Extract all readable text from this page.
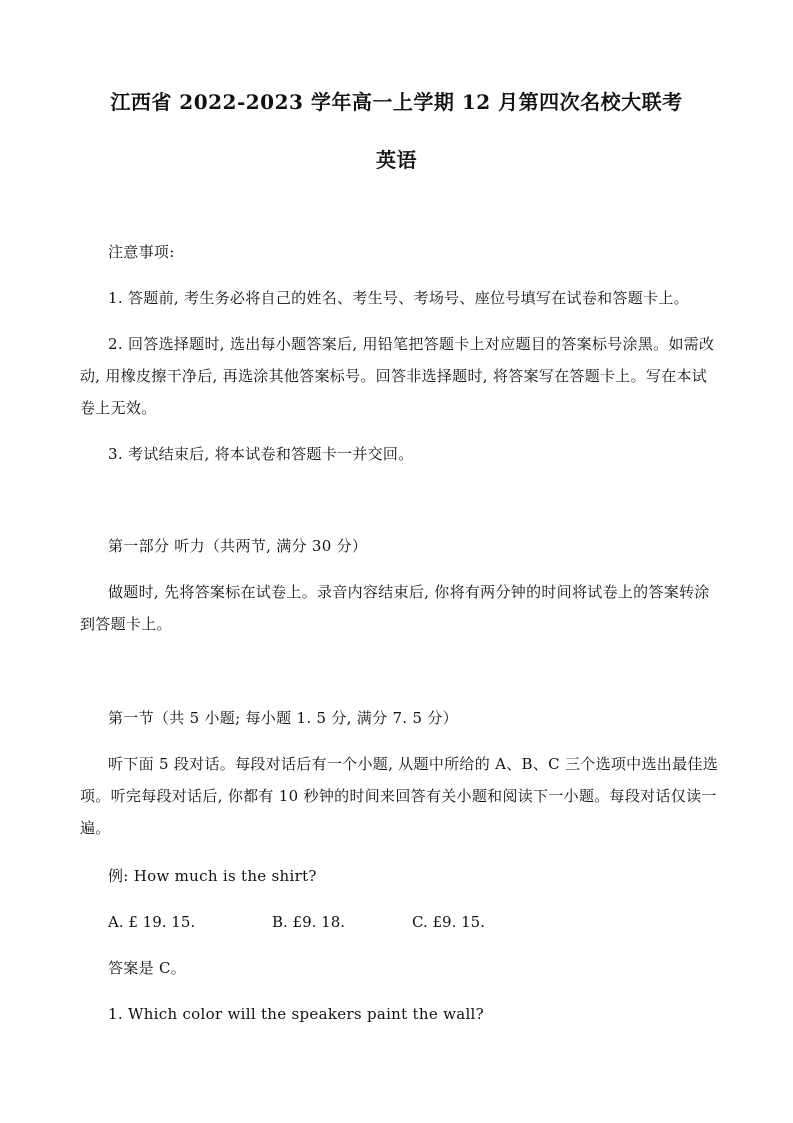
江西省 2022-2023 学年高一上学期 12 月第四次名校大联考
英语

注意事项:

1. 答题前, 考生务必将自己的姓名、考生号、考场号、座位号填写在试卷和答题卡上。

2. 回答选择题时, 选出每小题答案后, 用铅笔把答题卡上对应题目的答案标号涂黑。如需改动, 用橡皮擦干净后, 再选涂其他答案标号。回答非选择题时, 将答案写在答题卡上。写在本试卷上无效。

3. 考试结束后, 将本试卷和答题卡一并交回。

第一部分 听力（共两节, 满分 30 分）

做题时, 先将答案标在试卷上。录音内容结束后, 你将有两分钟的时间将试卷上的答案转涂到答题卡上。

第一节（共 5 小题; 每小题 1. 5 分, 满分 7. 5 分）

听下面 5 段对话。每段对话后有一个小题, 从题中所给的 A、B、C 三个选项中选出最佳选项。听完每段对话后, 你都有 10 秒钟的时间来回答有关小题和阅读下一小题。每段对话仅读一遍。

例: How much is the shirt?

A. £ 19. 15.	B. £9. 18.	C. £9. 15.

答案是 C。

1. Which color will the speakers paint the wall?
